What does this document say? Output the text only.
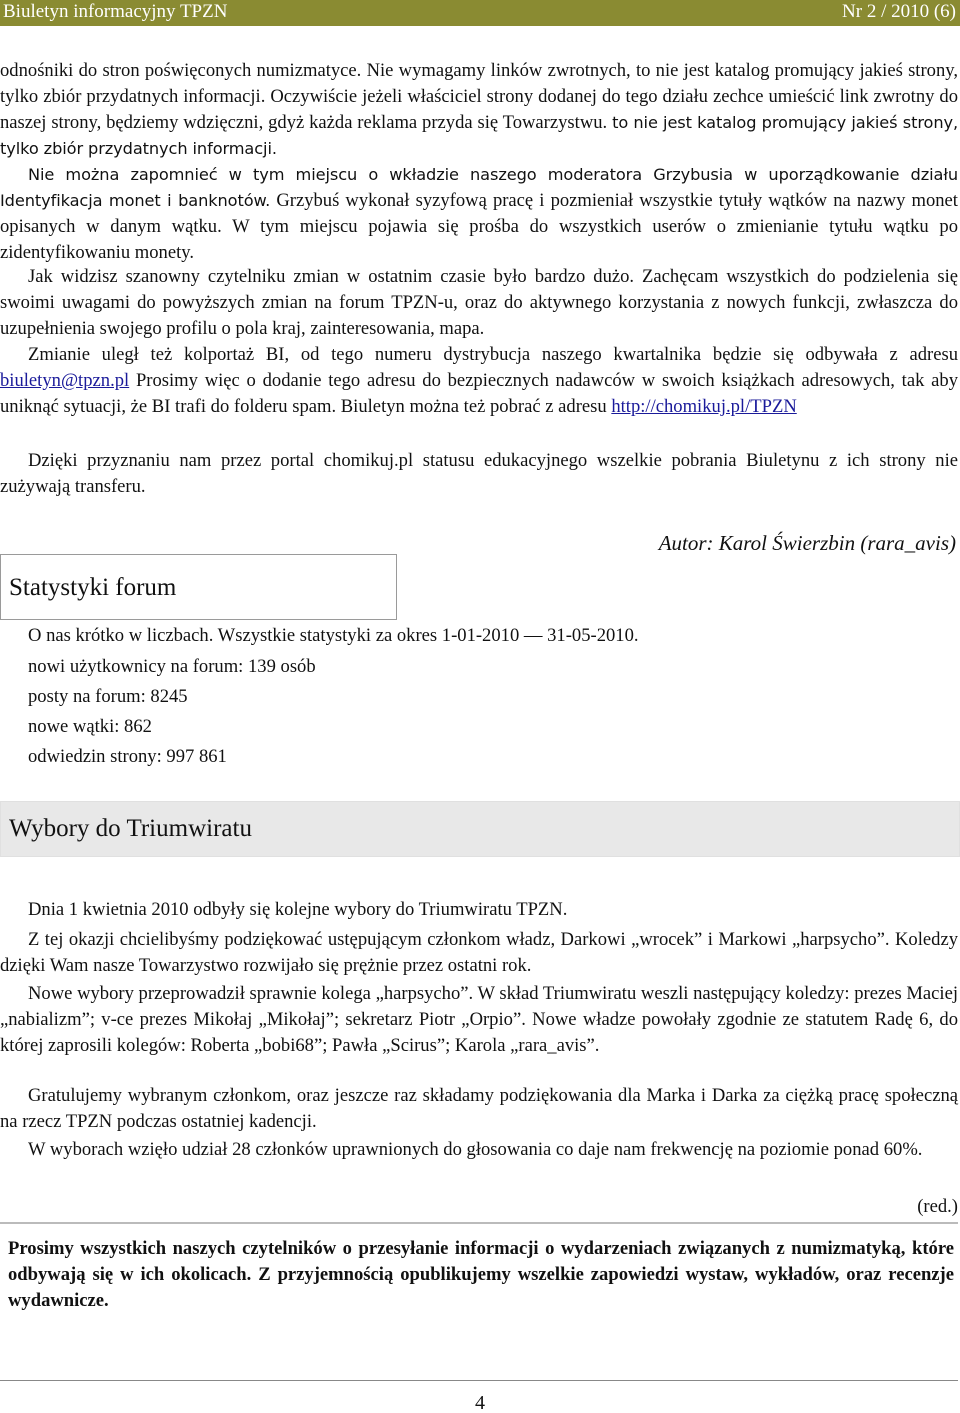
Biuletyn informacyjny TPZN	Nr 2 / 2010 (6)

odnośniki do stron poświęconych numizmatyce. Nie wymagamy linków zwrotnych, to nie jest katalog promujący jakieś strony, tylko zbiór przydatnych informacji. Oczywiście jeżeli właściciel strony dodanej do tego działu zechce umieścić link zwrotny do naszej strony, będziemy wdzięczni, gdyż każda reklama przyda się Towarzystwu. to nie jest katalog promujący jakieś strony, tylko zbiór przydatnych informacji.

Nie można zapomnieć w tym miejscu o wkładzie naszego moderatora Grzybusia w uporządkowanie działu Identyfikacja monet i banknotów. Grzybuś wykonał syzyfową pracę i pozmieniał wszystkie tytuły wątków na nazwy monet opisanych w danym wątku. W tym miejscu pojawia się prośba do wszystkich userów o zmienianie tytułu wątku po zidentyfikowaniu monety.

Jak widzisz szanowny czytelniku zmian w ostatnim czasie było bardzo dużo. Zachęcam wszystkich do podzielenia się swoimi uwagami do powyższych zmian na forum TPZN-u, oraz do aktywnego korzystania z nowych funkcji, zwłaszcza do uzupełnienia swojego profilu o pola kraj, zainteresowania, mapa.

Zmianie uległ też kolportaż BI, od tego numeru dystrybucja naszego kwartalnika będzie się odbywała z adresu biuletyn@tpzn.pl Prosimy więc o dodanie tego adresu do bezpiecznych nadawców w swoich książkach adresowych, tak aby uniknąć sytuacji, że BI trafi do folderu spam. Biuletyn można też pobrać z adresu http://chomikuj.pl/TPZN

Dzięki przyznaniu nam przez portal chomikuj.pl statusu edukacyjnego wszelkie pobrania Biuletynu z ich strony nie zużywają transferu.

Autor: Karol Świerzbin (rara_avis)
Statystyki forum

O nas krótko w liczbach. Wszystkie statystyki za okres 1-01-2010 — 31-05-2010.

nowi użytkownicy na forum: 139 osób

posty na forum: 8245

nowe wątki: 862

odwiedzin strony: 997 861

Wybory do Triumwiratu

Dnia 1 kwietnia 2010 odbyły się kolejne wybory do Triumwiratu TPZN.

Z tej okazji chcielibyśmy podziękować ustępującym członkom władz, Darkowi „wrocek” i Markowi „harpsycho”. Koledzy dzięki Wam nasze Towarzystwo rozwijało się prężnie przez ostatni rok.

Nowe wybory przeprowadził sprawnie kolega „harpsycho”. W skład Triumwiratu weszli następujący koledzy: prezes Maciej „nabializm”; v-ce prezes Mikołaj „Mikołaj”; sekretarz Piotr „Orpio”. Nowe władze powołały zgodnie ze statutem Radę 6, do której zaprosili kolegów: Roberta „bobi68”; Pawła „Scirus”; Karola „rara_avis”.

Gratulujemy wybranym członkom, oraz jeszcze raz składamy podziękowania dla Marka i Darka za ciężką pracę społeczną na rzecz TPZN podczas ostatniej kadencji.

W wyborach wzięło udział 28 członków uprawnionych do głosowania co daje nam frekwencję na poziomie ponad 60%.

(red.)
Prosimy wszystkich naszych czytelników o przesyłanie informacji o wydarzeniach związanych z numizmatyką, które odbywają się w ich okolicach. Z przyjemnością opublikujemy wszelkie zapowiedzi wystaw, wykładów, oraz recenzje wydawnicze.
4
